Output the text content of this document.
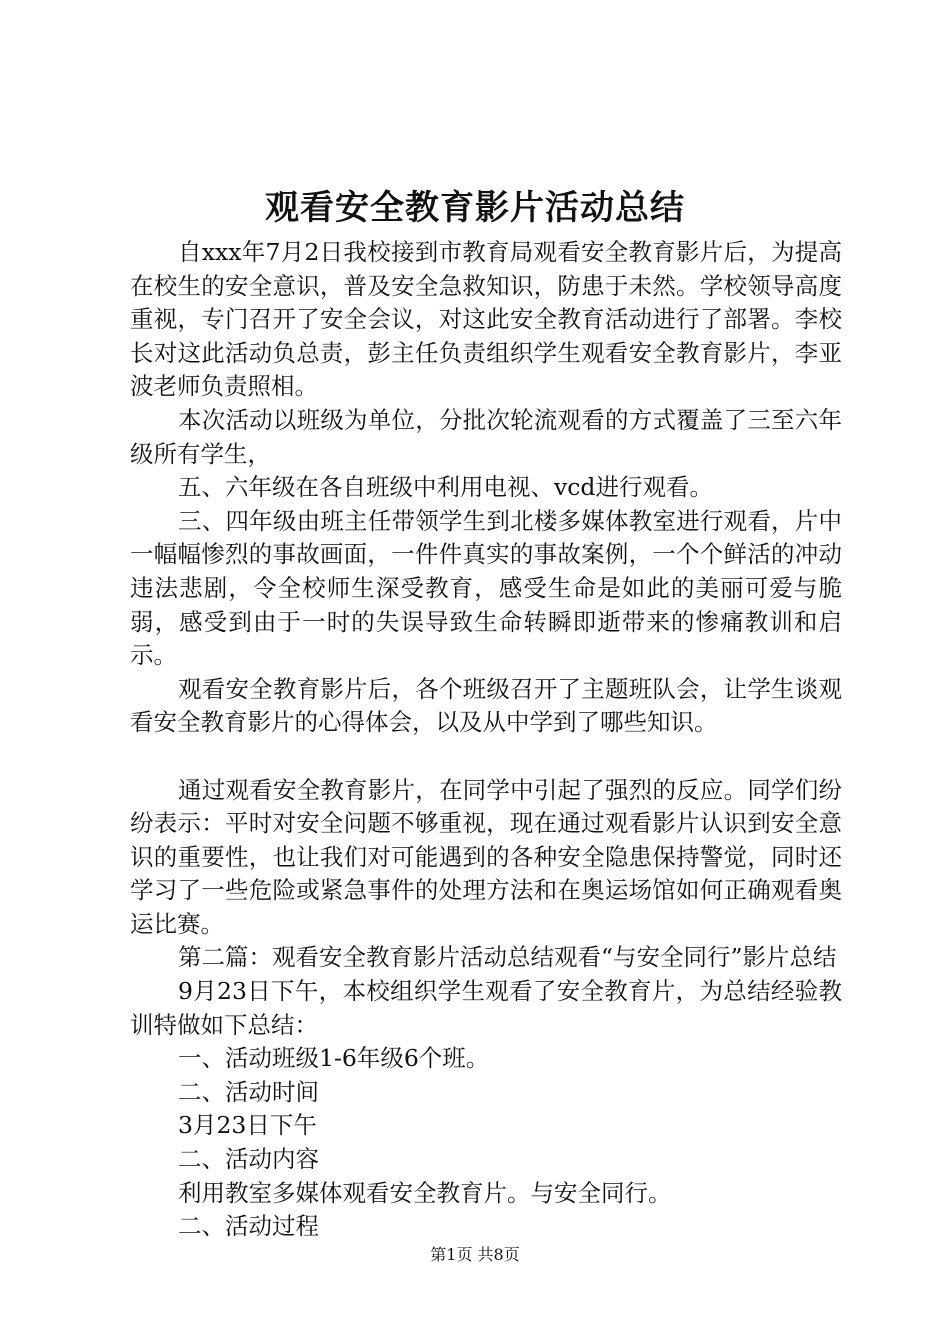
观看安全教育影片活动总结

自xxx年7月2日我校接到市教育局观看安全教育影片后，为提高在校生的安全意识，普及安全急救知识，防患于未然。学校领导高度重视，专门召开了安全会议，对这此安全教育活动进行了部署。李校长对这此活动负总责，彭主任负责组织学生观看安全教育影片，李亚波老师负责照相。

本次活动以班级为单位，分批次轮流观看的方式覆盖了三至六年级所有学生，

五、六年级在各自班级中利用电视、vcd进行观看。

三、四年级由班主任带领学生到北楼多媒体教室进行观看，片中一幅幅惨烈的事故画面，一件件真实的事故案例，一个个鲜活的冲动违法悲剧，令全校师生深受教育，感受生命是如此的美丽可爱与脆弱，感受到由于一时的失误导致生命转瞬即逝带来的惨痛教训和启示。

观看安全教育影片后，各个班级召开了主题班队会，让学生谈观看安全教育影片的心得体会，以及从中学到了哪些知识。

通过观看安全教育影片，在同学中引起了强烈的反应。同学们纷纷表示：平时对安全问题不够重视，现在通过观看影片认识到安全意识的重要性，也让我们对可能遇到的各种安全隐患保持警觉，同时还学习了一些危险或紧急事件的处理方法和在奥运场馆如何正确观看奥运比赛。

第二篇：观看安全教育影片活动总结观看“与安全同行”影片总结

9月23日下午，本校组织学生观看了安全教育片，为总结经验教训特做如下总结：

一、活动班级1-6年级6个班。

二、活动时间

3月23日下午

二、活动内容

利用教室多媒体观看安全教育片。与安全同行。

二、活动过程

第1页 共8页
